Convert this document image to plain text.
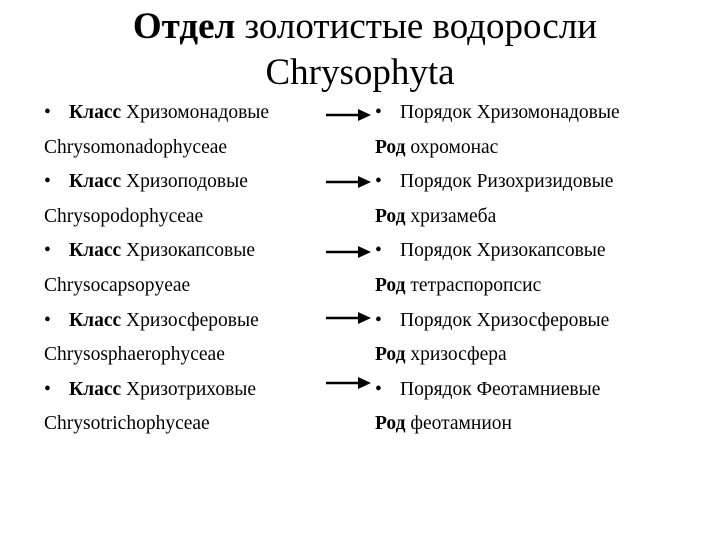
Отдел золотистые водоросли
Chrysophyta
• Класс Хризомонадовые
Chrysomonadophyceae
• Класс Хризоподовые
Chrysopodophyceae
• Класс Хризокапсовые
Chrysocapsopyeae
• Класс Хризосферовые
Chrysosphaerophyceae
• Класс Хризотриховые
Chrysotrichophyceae
• Порядок Хризомонадовые
Род охромонас
• Порядок Ризохризидовые
Род хризамеба
• Порядок Хризокапсовые
Род тетраспоропсис
• Порядок Хризосферовые
Род хризосфера
• Порядок Феотамниевые
Род феотамнион
